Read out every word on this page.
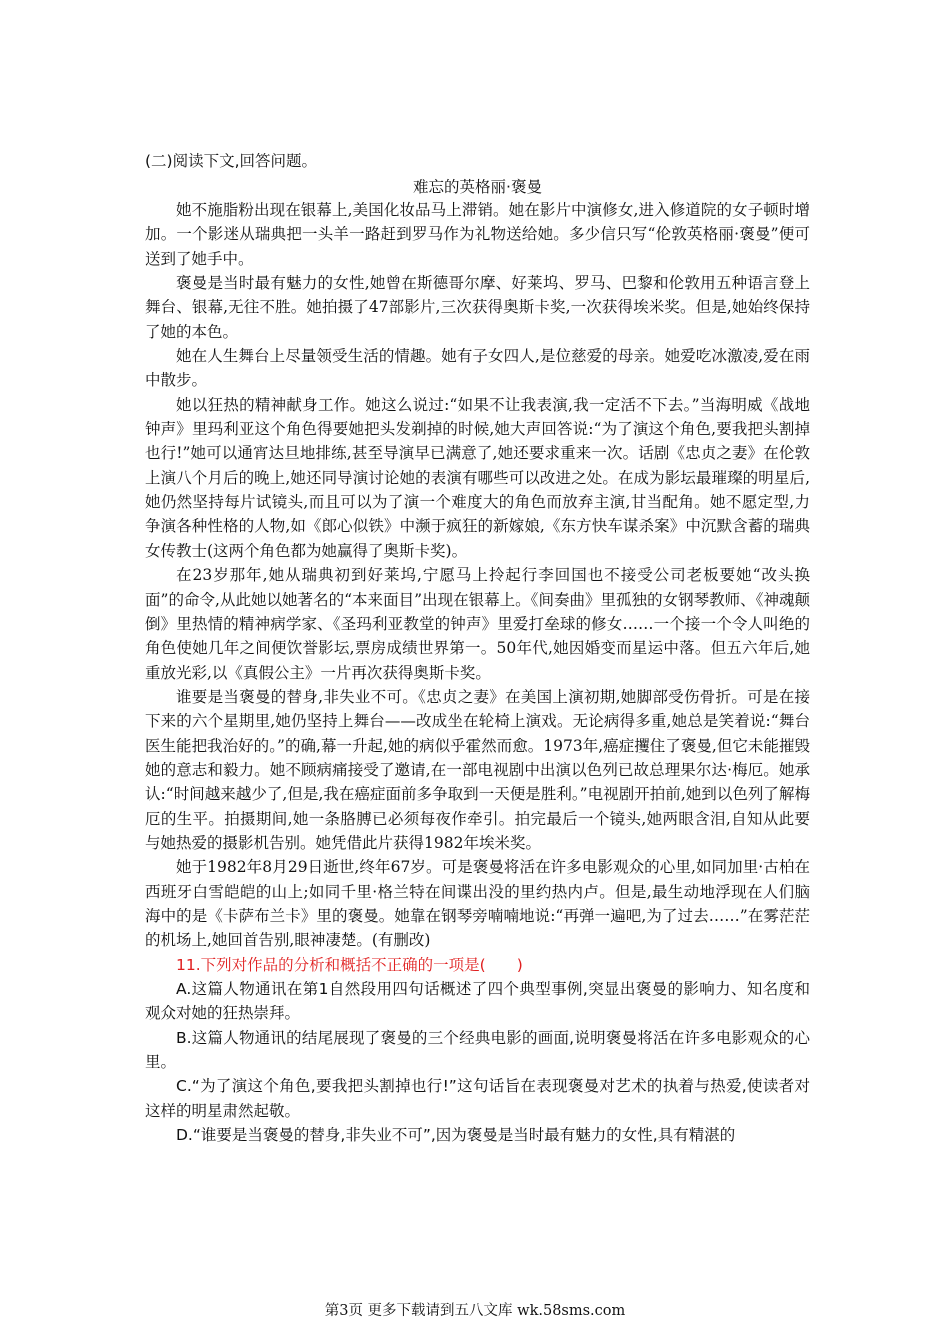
(二)阅读下文,回答问题。
难忘的英格丽·褒曼

她不施脂粉出现在银幕上,美国化妆品马上滞销。她在影片中演修女,进入修道院的女子顿时增加。一个影迷从瑞典把一头羊一路赶到罗马作为礼物送给她。多少信只写“伦敦英格丽·褒曼”便可送到了她手中。

褒曼是当时最有魅力的女性,她曾在斯德哥尔摩、好莱坞、罗马、巴黎和伦敦用五种语言登上舞台、银幕,无往不胜。她拍摄了47部影片,三次获得奥斯卡奖,一次获得埃米奖。但是,她始终保持了她的本色。

她在人生舞台上尽量领受生活的情趣。她有子女四人,是位慈爱的母亲。她爱吃冰激凌,爱在雨中散步。

她以狂热的精神献身工作。她这么说过:“如果不让我表演,我一定活不下去。”当海明威《战地钟声》里玛利亚这个角色得要她把头发剃掉的时候,她大声回答说:“为了演这个角色,要我把头割掉也行!”她可以通宵达旦地排练,甚至导演早已满意了,她还要求重来一次。话剧《忠贞之妻》在伦敦上演八个月后的晚上,她还同导演讨论她的表演有哪些可以改进之处。在成为影坛最璀璨的明星后,她仍然坚持每片试镜头,而且可以为了演一个难度大的角色而放弃主演,甘当配角。她不愿定型,力争演各种性格的人物,如《郎心似铁》中濒于疯狂的新嫁娘,《东方快车谋杀案》中沉默含蓄的瑞典女传教士(这两个角色都为她赢得了奥斯卡奖)。

在23岁那年,她从瑞典初到好莱坞,宁愿马上拎起行李回国也不接受公司老板要她“改头换面”的命令,从此她以她著名的“本来面目”出现在银幕上。《间奏曲》里孤独的女钢琴教师、《神魂颠倒》里热情的精神病学家、《圣玛利亚教堂的钟声》里爱打垒球的修女……一个接一个令人叫绝的角色使她几年之间便饮誉影坛,票房成绩世界第一。50年代,她因婚变而星运中落。但五六年后,她重放光彩,以《真假公主》一片再次获得奥斯卡奖。

谁要是当褒曼的替身,非失业不可。《忠贞之妻》在美国上演初期,她脚部受伤骨折。可是在接下来的六个星期里,她仍坚持上舞台——改成坐在轮椅上演戏。无论病得多重,她总是笑着说:“舞台医生能把我治好的。”的确,幕一升起,她的病似乎霍然而愈。1973年,癌症攫住了褒曼,但它未能摧毁她的意志和毅力。她不顾病痛接受了邀请,在一部电视剧中出演以色列已故总理果尔达·梅厄。她承认:“时间越来越少了,但是,我在癌症面前多争取到一天便是胜利。”电视剧开拍前,她到以色列了解梅厄的生平。拍摄期间,她一条胳膊已必须每夜作牵引。拍完最后一个镜头,她两眼含泪,自知从此要与她热爱的摄影机告别。她凭借此片获得1982年埃米奖。

她于1982年8月29日逝世,终年67岁。可是褒曼将活在许多电影观众的心里,如同加里·古柏在西班牙白雪皑皑的山上;如同千里·格兰特在间谍出没的里约热内卢。但是,最生动地浮现在人们脑海中的是《卡萨布兰卡》里的褒曼。她靠在钢琴旁喃喃地说:“再弹一遍吧,为了过去……”在雾茫茫的机场上,她回首告别,眼神凄楚。(有删改)

11.下列对作品的分析和概括不正确的一项是(　　)

A.这篇人物通讯在第1自然段用四句话概述了四个典型事例,突显出褒曼的影响力、知名度和观众对她的狂热崇拜。

B.这篇人物通讯的结尾展现了褒曼的三个经典电影的画面,说明褒曼将活在许多电影观众的心里。

C.“为了演这个角色,要我把头割掉也行!”这句话旨在表现褒曼对艺术的执着与热爱,使读者对这样的明星肃然起敬。

D.“谁要是当褒曼的替身,非失业不可”,因为褒曼是当时最有魅力的女性,具有精湛的

第3页 更多下载请到五八文库 wk.58sms.com
